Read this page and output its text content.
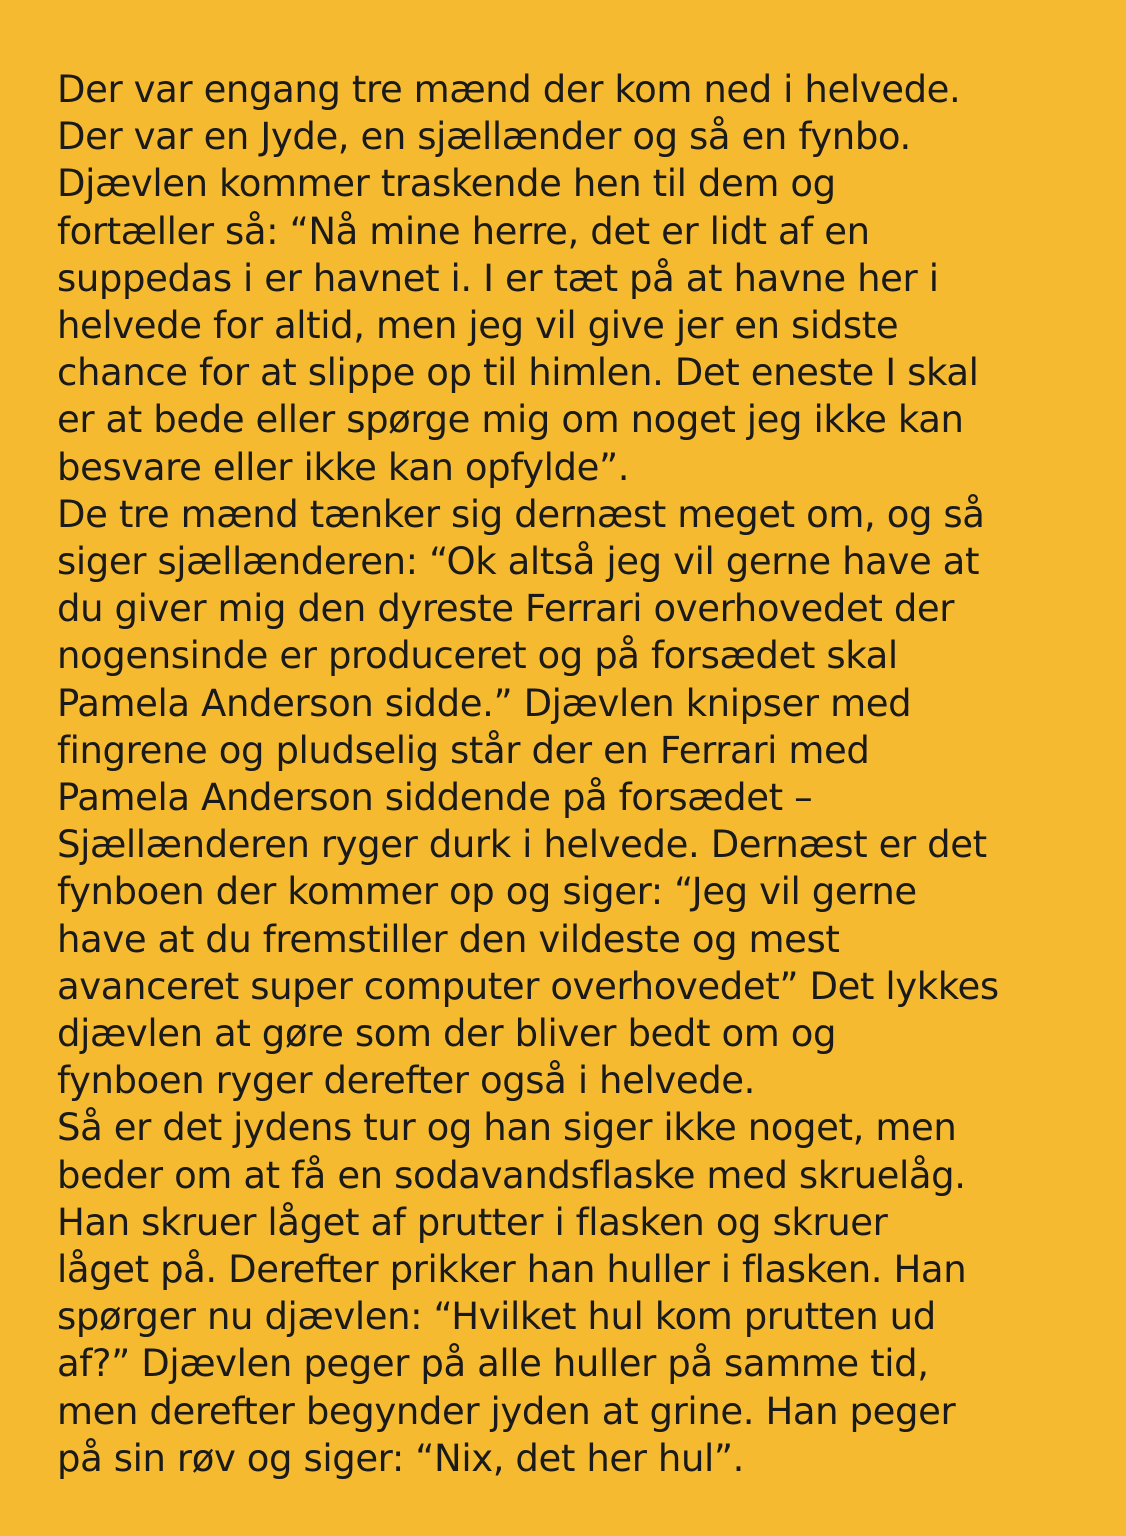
Der var engang tre mænd der kom ned i helvede.
Der var en Jyde, en sjællænder og så en fynbo.
Djævlen kommer traskende hen til dem og
fortæller så: “Nå mine herre, det er lidt af en
suppedas i er havnet i. I er tæt på at havne her i
helvede for altid, men jeg vil give jer en sidste
chance for at slippe op til himlen. Det eneste I skal
er at bede eller spørge mig om noget jeg ikke kan
besvare eller ikke kan opfylde”.

De tre mænd tænker sig dernæst meget om, og så
siger sjællænderen: “Ok altså jeg vil gerne have at
du giver mig den dyreste Ferrari overhovedet der
nogensinde er produceret og på forsædet skal
Pamela Anderson sidde.” Djævlen knipser med
fingrene og pludselig står der en Ferrari med
Pamela Anderson siddende på forsædet –
Sjællænderen ryger durk i helvede. Dernæst er det
fynboen der kommer op og siger: “Jeg vil gerne
have at du fremstiller den vildeste og mest
avanceret super computer overhovedet” Det lykkes
djævlen at gøre som der bliver bedt om og
fynboen ryger derefter også i helvede.

Så er det jydens tur og han siger ikke noget, men
beder om at få en sodavandsflaske med skruelåg.
Han skruer låget af prutter i flasken og skruer
låget på. Derefter prikker han huller i flasken. Han
spørger nu djævlen: “Hvilket hul kom prutten ud
af?” Djævlen peger på alle huller på samme tid,
men derefter begynder jyden at grine. Han peger
på sin røv og siger: “Nix, det her hul”.
